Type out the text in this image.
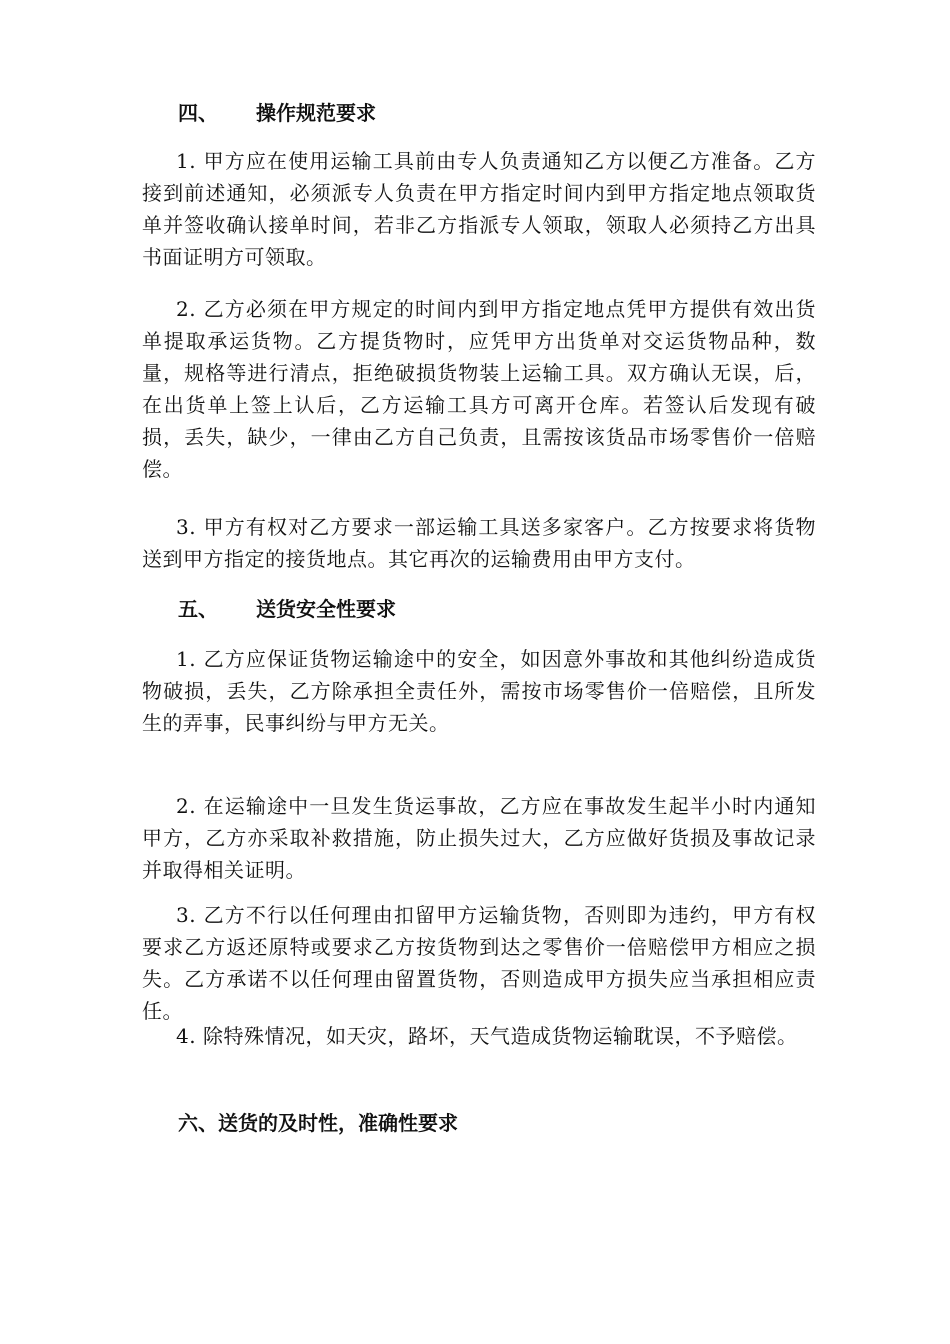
四、 操作规范要求

1. 甲方应在使用运输工具前由专人负责通知乙方以便乙方准备。乙方接到前述通知，必须派专人负责在甲方指定时间内到甲方指定地点领取货单并签收确认接单时间，若非乙方指派专人领取，领取人必须持乙方出具书面证明方可领取。

2. 乙方必须在甲方规定的时间内到甲方指定地点凭甲方提供有效出货单提取承运货物。乙方提货物时，应凭甲方出货单对交运货物品种，数量，规格等进行清点，拒绝破损货物装上运输工具。双方确认无误，后，在出货单上签上认后，乙方运输工具方可离开仓库。若签认后发现有破损，丢失，缺少，一律由乙方自己负责，且需按该货品市场零售价一倍赔偿。

3. 甲方有权对乙方要求一部运输工具送多家客户。乙方按要求将货物送到甲方指定的接货地点。其它再次的运输费用由甲方支付。

五、 送货安全性要求

1. 乙方应保证货物运输途中的安全，如因意外事故和其他纠纷造成货物破损，丢失，乙方除承担全责任外，需按市场零售价一倍赔偿，且所发生的弄事，民事纠纷与甲方无关。

2. 在运输途中一旦发生货运事故，乙方应在事故发生起半小时内通知甲方，乙方亦采取补救措施，防止损失过大，乙方应做好货损及事故记录并取得相关证明。

3. 乙方不行以任何理由扣留甲方运输货物，否则即为违约，甲方有权要求乙方返还原特或要求乙方按货物到达之零售价一倍赔偿甲方相应之损失。乙方承诺不以任何理由留置货物，否则造成甲方损失应当承担相应责任。

4. 除特殊情况，如天灾，路坏，天气造成货物运输耽误，不予赔偿。

六、送货的及时性，准确性要求
